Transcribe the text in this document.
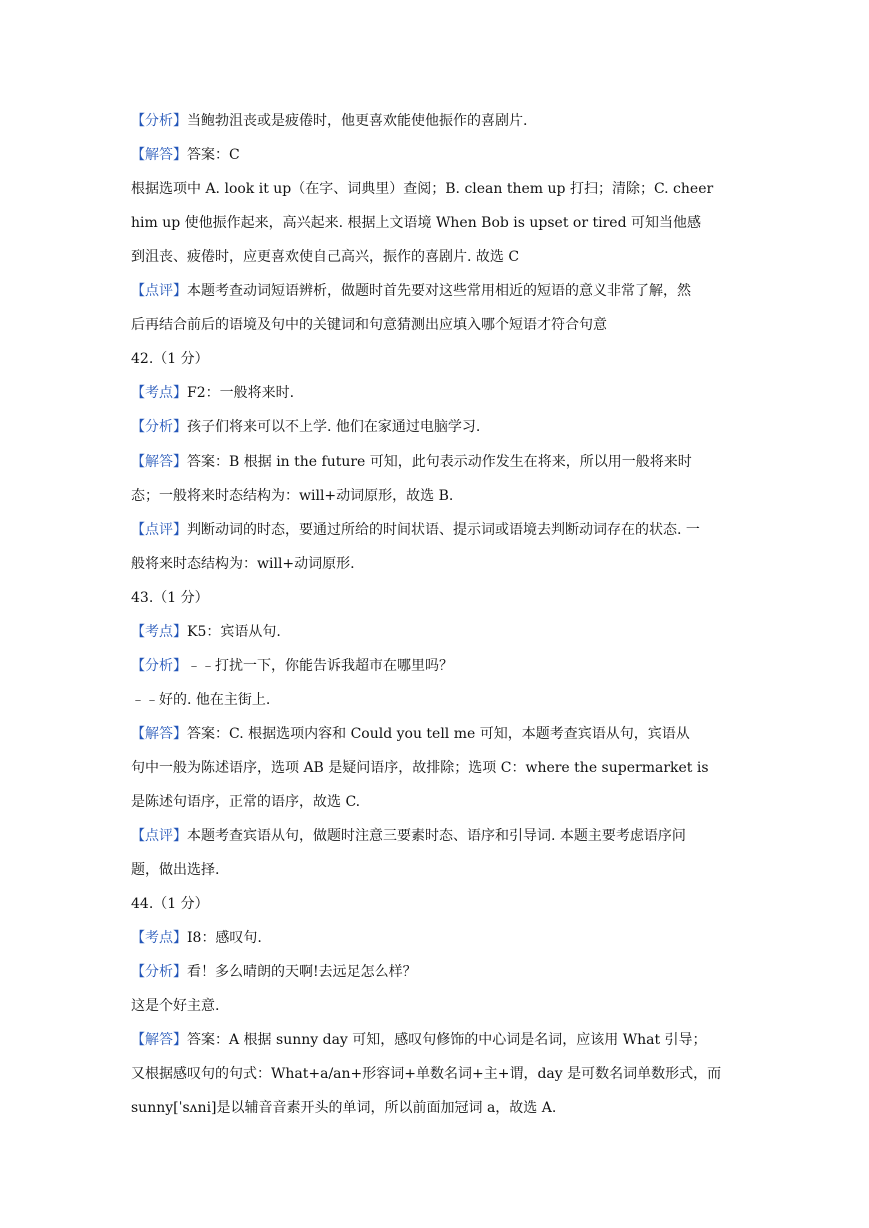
【分析】当鲍勃沮丧或是疲倦时，他更喜欢能使他振作的喜剧片.
【解答】答案：C
根据选项中 A. look it up（在字、词典里）查阅；B. clean them up 打扫；清除；C. cheer
him up 使他振作起来，高兴起来. 根据上文语境 When Bob is upset or tired 可知当他感
到沮丧、疲倦时，应更喜欢使自己高兴，振作的喜剧片. 故选 C
【点评】本题考查动词短语辨析，做题时首先要对这些常用相近的短语的意义非常了解，然
后再结合前后的语境及句中的关键词和句意猜测出应填入哪个短语才符合句意
42.（1 分）
【考点】F2：一般将来时.
【分析】孩子们将来可以不上学. 他们在家通过电脑学习.
【解答】答案：B 根据 in the future 可知，此句表示动作发生在将来，所以用一般将来时
态；一般将来时态结构为：will+动词原形，故选 B.
【点评】判断动词的时态，要通过所给的时间状语、提示词或语境去判断动词存在的状态. 一
般将来时态结构为：will+动词原形.
43.（1 分）
【考点】K5：宾语从句.
【分析】﹣﹣打扰一下，你能告诉我超市在哪里吗？
﹣﹣好的. 他在主街上.
【解答】答案：C. 根据选项内容和 Could you tell me 可知，本题考查宾语从句，宾语从
句中一般为陈述语序，选项 AB 是疑问语序，故排除；选项 C：where the supermarket is
是陈述句语序，正常的语序，故选 C.
【点评】本题考查宾语从句，做题时注意三要素时态、语序和引导词. 本题主要考虑语序问
题，做出选择.
44.（1 分）
【考点】I8：感叹句.
【分析】看！多么晴朗的天啊!去远足怎么样？
这是个好主意.
【解答】答案：A 根据 sunny day 可知，感叹句修饰的中心词是名词，应该用 What 引导；
又根据感叹句的句式：What+a/an+形容词+单数名词+主+谓，day 是可数名词单数形式，而
sunny[ˈsʌni]是以辅音音素开头的单词，所以前面加冠词 a，故选 A.
